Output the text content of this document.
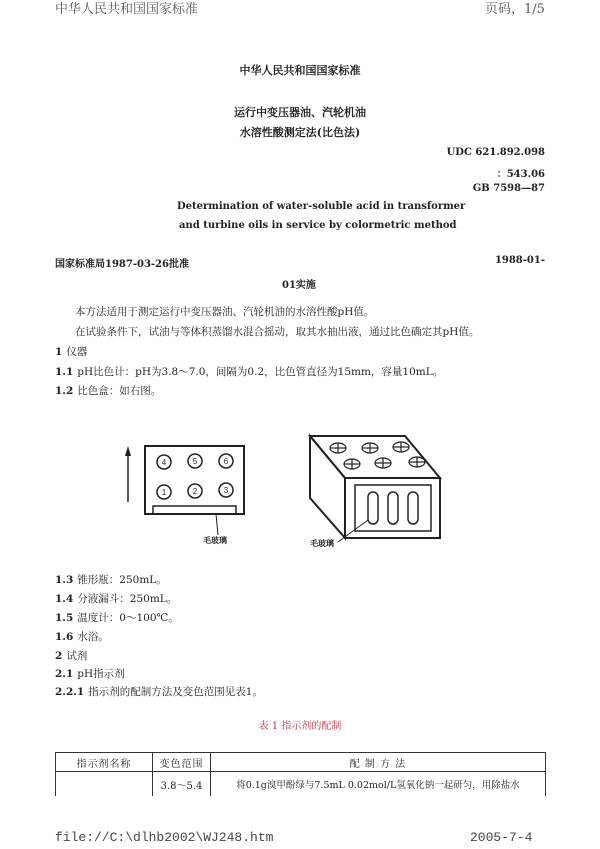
中华人民共和国国家标准	页码，1/5
中华人民共和国国家标准
运行中变压器油、汽轮机油
水溶性酸测定法(比色法)
UDC 621.892.098
：543.06
GB 7598—87
Determination of water-soluble acid in transformer
and turbine oils in service by colormetric method
国家标准局1987-03-26批准	1988-01-
01实施
本方法适用于测定运行中变压器油、汽轮机油的水溶性酸pH值。
在试验条件下，试油与等体积蒸馏水混合摇动，取其水抽出液，通过比色确定其pH值。
1 仪器
1.1 pH比色计：pH为3.8～7.0，间隔为0.2，比色管直径为15mm，容量10mL。
1.2 比色盒：如右图。
4	5	6
1	2	3
毛玻璃	毛玻璃
1.3 锥形瓶：250mL。
1.4 分液漏斗：250mL。
1.5 温度计：0～100℃。
1.6 水浴。
2 试剂
2.1 pH指示剂
2.2.1 指示剂的配制方法及变色范围见表1。
表 1 指示剂的配制
指示剂名称	变色范围	配 制 方 法
	3.8～5.4	将0.1g溴甲酚绿与7.5mL 0.02mol/L氢氧化钠一起研匀，用除盐水
file://C:\dlhb2002\WJ248.htm	2005-7-4
